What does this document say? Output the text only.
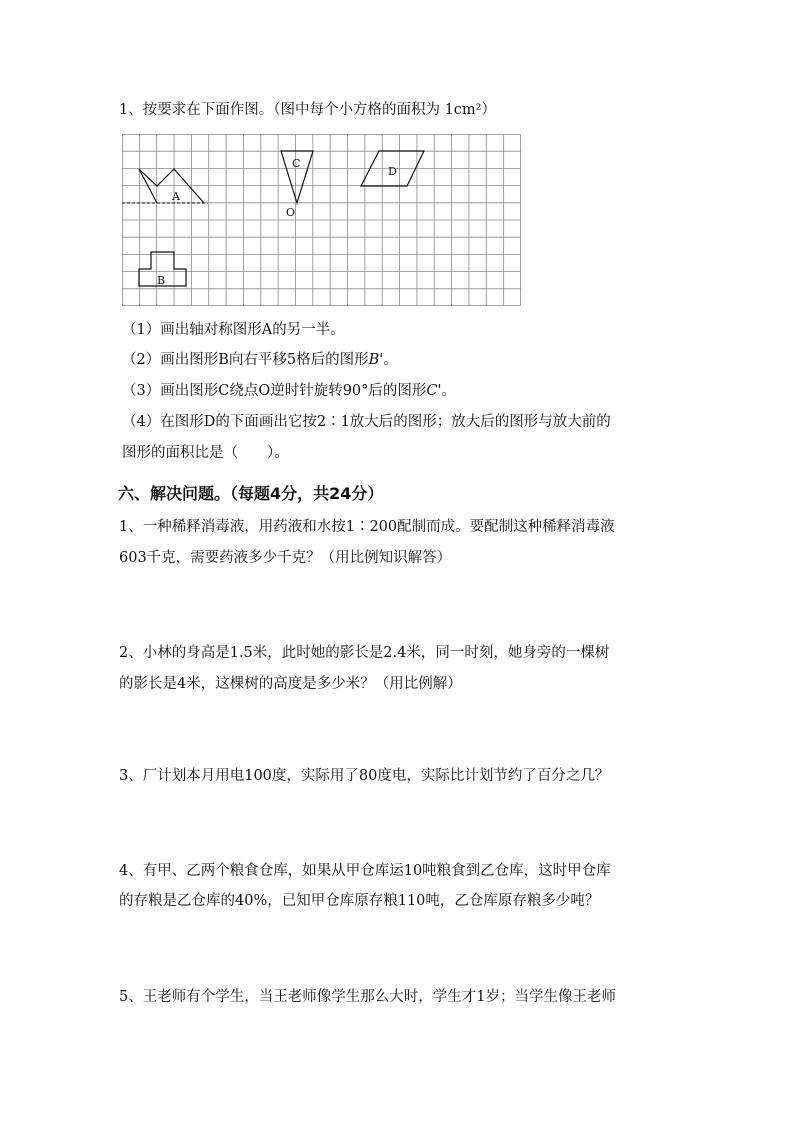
1、按要求在下面作图。（图中每个小方格的面积为 1cm²）
A
B
C
O
D
（1）画出轴对称图形A的另一半。
（2）画出图形B向右平移5格后的图形B'。
（3）画出图形C绕点O逆时针旋转90°后的图形C'。
（4）在图形D的下面画出它按2∶1放大后的图形；放大后的图形与放大前的
图形的面积比是（　　）。
六、解决问题。（每题4分，共24分）
1、一种稀释消毒液，用药液和水按1∶200配制而成。要配制这种稀释消毒液
603千克，需要药液多少千克？（用比例知识解答）
2、小林的身高是1.5米，此时她的影长是2.4米，同一时刻，她身旁的一棵树
的影长是4米，这棵树的高度是多少米？（用比例解）
3、厂计划本月用电100度，实际用了80度电，实际比计划节约了百分之几？
4、有甲、乙两个粮食仓库，如果从甲仓库运10吨粮食到乙仓库，这时甲仓库
的存粮是乙仓库的40%，已知甲仓库原存粮110吨，乙仓库原存粮多少吨？
5、王老师有个学生，当王老师像学生那么大时，学生才1岁；当学生像王老师
